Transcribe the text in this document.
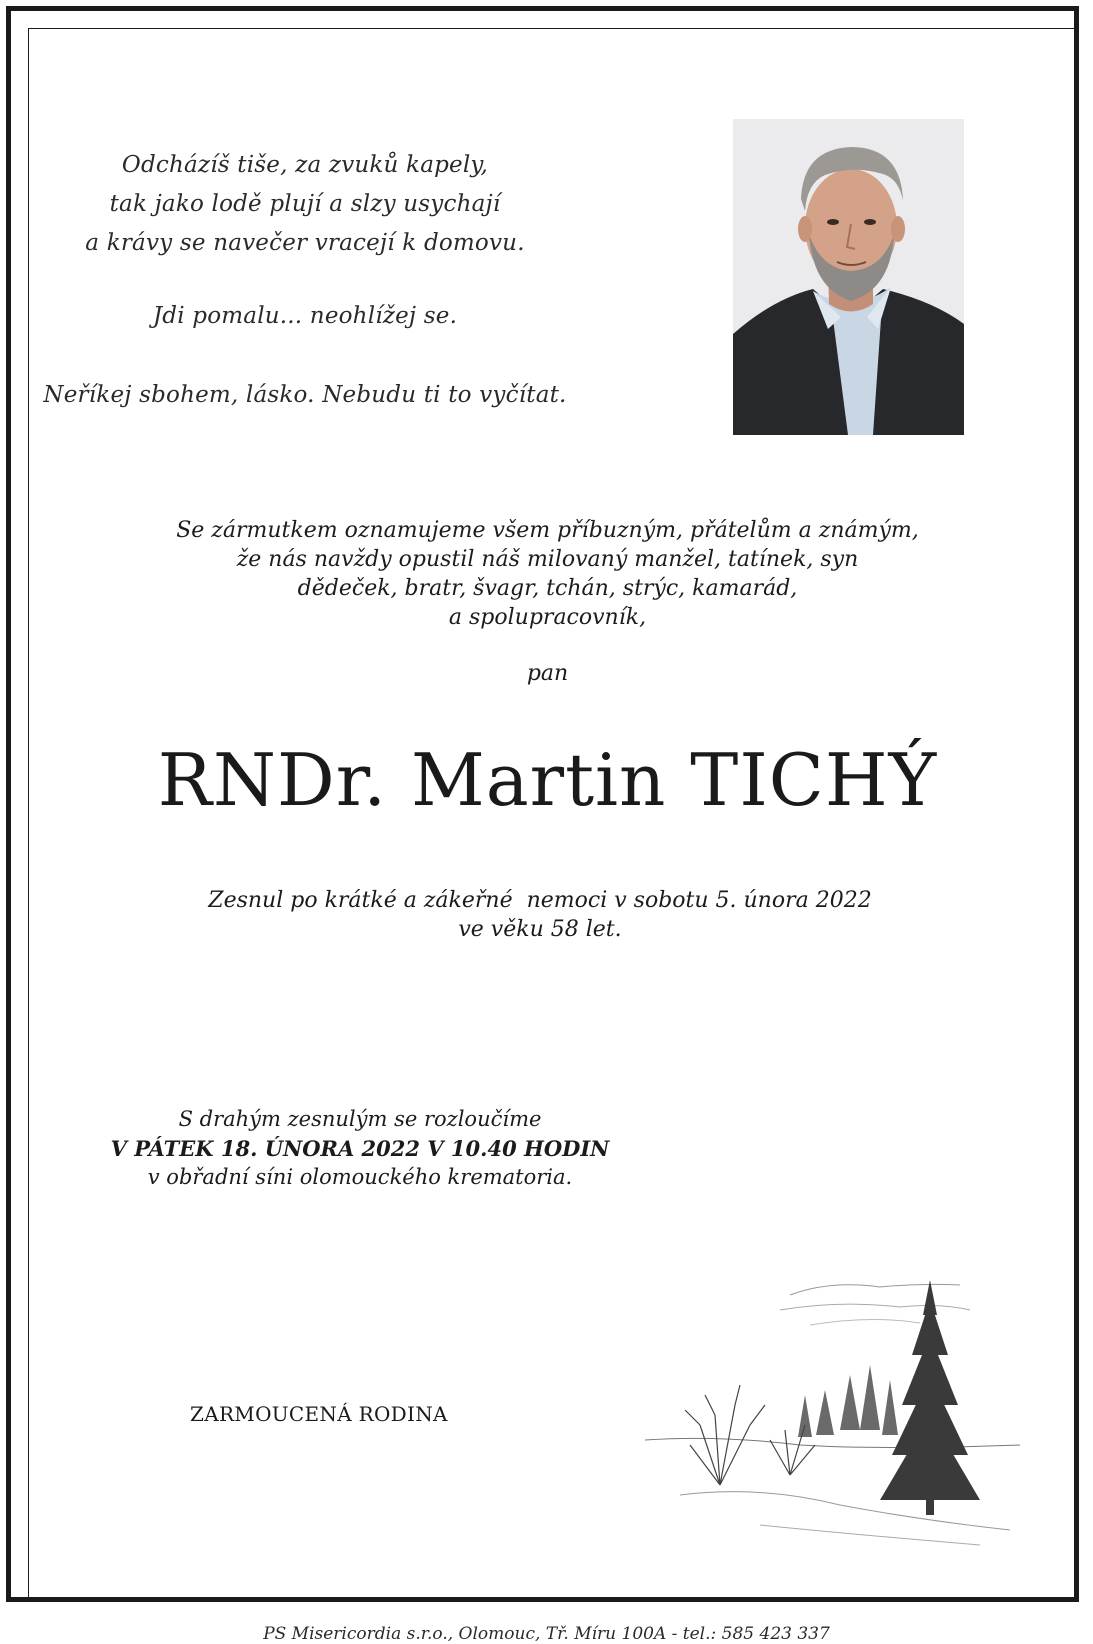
Odcházíš tiše, za zvuků kapely,
tak jako lodě plují a slzy usychají
a krávy se navečer vracejí k domovu.
Jdi pomalu... neohlížej se.
Neříkej sbohem, lásko. Nebudu ti to vyčítat.
Se zármutkem oznamujeme všem příbuzným, přátelům a známým,
že nás navždy opustil náš milovaný manžel, tatínek, syn
dědeček, bratr, švagr, tchán, strýc, kamarád,
a spolupracovník,
pan
RNDr. Martin TICHÝ
Zesnul po krátké a zákeřné  nemoci v sobotu 5. února 2022
ve věku 58 let.
S drahým zesnulým se rozloučíme
V PÁTEK 18. ÚNORA 2022 V 10.40 HODIN
v obřadní síni olomouckého krematoria.
ZARMOUCENÁ RODINA
PS Misericordia s.r.o., Olomouc, Tř. Míru 100A - tel.: 585 423 337
